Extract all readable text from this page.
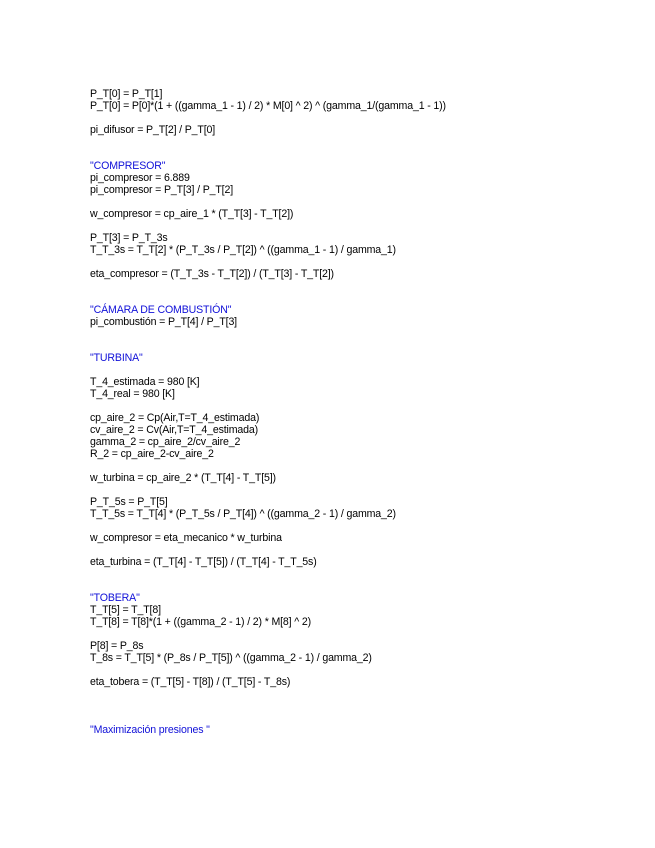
P_T[0] = P_T[1]
P_T[0] = P[0]*(1 + ((gamma_1 - 1) / 2) * M[0] ^ 2) ^ (gamma_1/(gamma_1 - 1))
pi_difusor = P_T[2] / P_T[0]
"COMPRESOR"
pi_compresor = 6.889
pi_compresor = P_T[3] / P_T[2]
w_compresor = cp_aire_1 * (T_T[3] - T_T[2])
P_T[3] = P_T_3s
T_T_3s = T_T[2] * (P_T_3s / P_T[2]) ^ ((gamma_1 - 1) / gamma_1)
eta_compresor = (T_T_3s - T_T[2]) / (T_T[3] - T_T[2])
"CÁMARA DE COMBUSTIÓN"
pi_combustión = P_T[4] / P_T[3]
"TURBINA"
T_4_estimada = 980 [K]
T_4_real = 980 [K]
cp_aire_2 = Cp(Air,T=T_4_estimada)
cv_aire_2 = Cv(Air,T=T_4_estimada)
gamma_2 = cp_aire_2/cv_aire_2
R_2 = cp_aire_2-cv_aire_2
w_turbina = cp_aire_2 * (T_T[4] - T_T[5])
P_T_5s = P_T[5]
T_T_5s = T_T[4] * (P_T_5s / P_T[4]) ^ ((gamma_2 - 1) / gamma_2)
w_compresor = eta_mecanico * w_turbina
eta_turbina = (T_T[4] - T_T[5]) / (T_T[4] - T_T_5s)
"TOBERA"
T_T[5] = T_T[8]
T_T[8] = T[8]*(1 + ((gamma_2 - 1) / 2) * M[8] ^ 2)
P[8] = P_8s
T_8s = T_T[5] * (P_8s / P_T[5]) ^ ((gamma_2 - 1) / gamma_2)
eta_tobera = (T_T[5] - T[8]) / (T_T[5] - T_8s)
"Maximización presiones "
